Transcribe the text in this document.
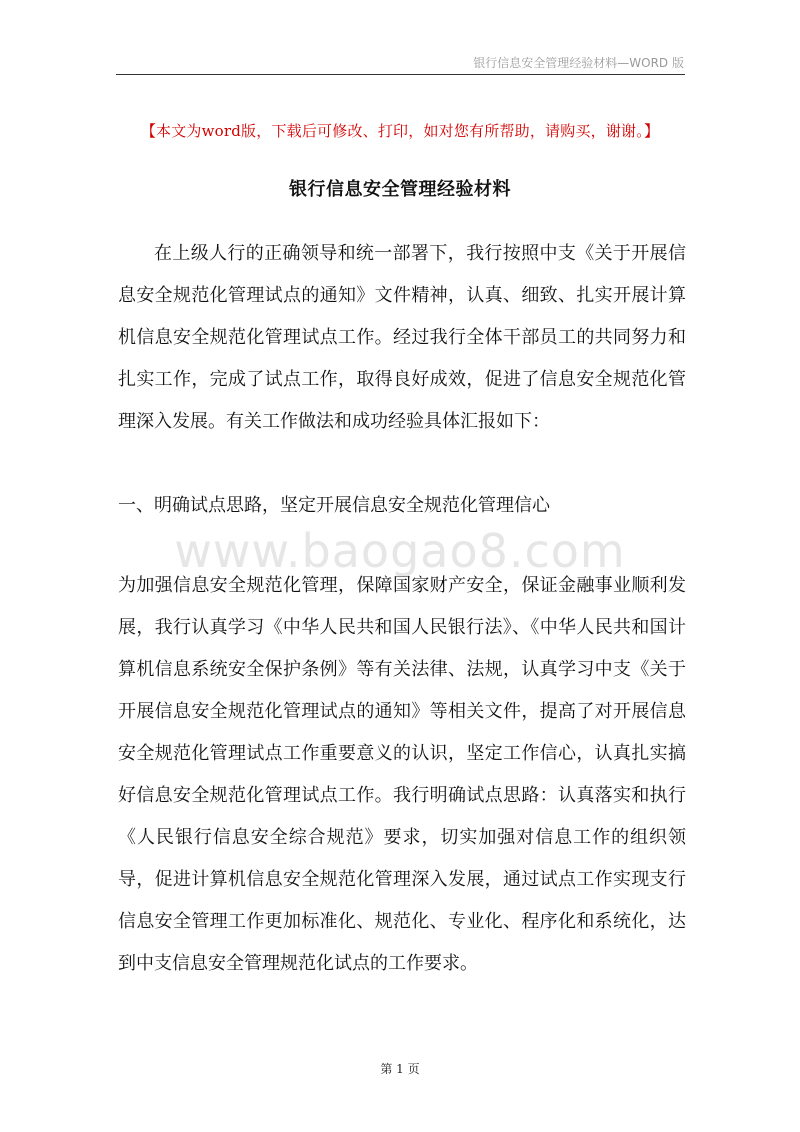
银行信息安全管理经验材料—WORD 版
【本文为word版，下载后可修改、打印，如对您有所帮助，请购买，谢谢。】
银行信息安全管理经验材料

在上级人行的正确领导和统一部署下，我行按照中支《关于开展信息安全规范化管理试点的通知》文件精神，认真、细致、扎实开展计算机信息安全规范化管理试点工作。经过我行全体干部员工的共同努力和扎实工作，完成了试点工作，取得良好成效，促进了信息安全规范化管理深入发展。有关工作做法和成功经验具体汇报如下：

一、明确试点思路，坚定开展信息安全规范化管理信心

www.baogao8.com

为加强信息安全规范化管理，保障国家财产安全，保证金融事业顺利发展，我行认真学习《中华人民共和国人民银行法》、《中华人民共和国计算机信息系统安全保护条例》等有关法律、法规，认真学习中支《关于开展信息安全规范化管理试点的通知》等相关文件，提高了对开展信息安全规范化管理试点工作重要意义的认识，坚定工作信心，认真扎实搞好信息安全规范化管理试点工作。我行明确试点思路：认真落实和执行《人民银行信息安全综合规范》要求，切实加强对信息工作的组织领导，促进计算机信息安全规范化管理深入发展，通过试点工作实现支行信息安全管理工作更加标准化、规范化、专业化、程序化和系统化，达到中支信息安全管理规范化试点的工作要求。

第 1 页
